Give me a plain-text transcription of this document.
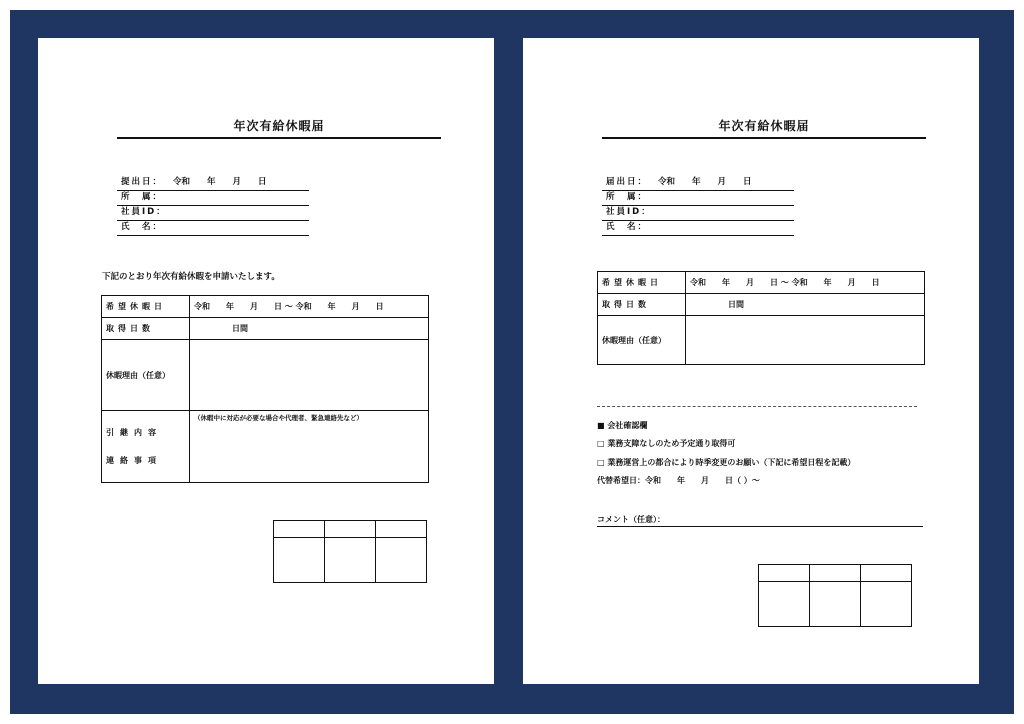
年次有給休暇届
提出日： 令和　　年　　月　　日
所　属：
社員ID：
氏　名：
下記のとおり年次有給休暇を申請いたします。
希望休暇日	令和　　年　　月　　日 〜 令和　　年　　月　　日
取得日数	日間
休暇理由（任意）	

引継内容
連絡事項	（休暇中に対応が必要な場合や代理者、緊急連絡先など）

年次有給休暇届
届出日： 令和　　年　　月　　日
所　属：
社員ID：
氏　名：
希望休暇日	令和　　年　　月　　日 〜 令和　　年　　月　　日
取得日数	日間
休暇理由（任意）	
■ 会社確認欄
□ 業務支障なしのため予定通り取得可
□ 業務運営上の都合により時季変更のお願い（下記に希望日程を記載）
代替希望日：令和　　年　　月　　日（ ）〜
コメント（任意）：
